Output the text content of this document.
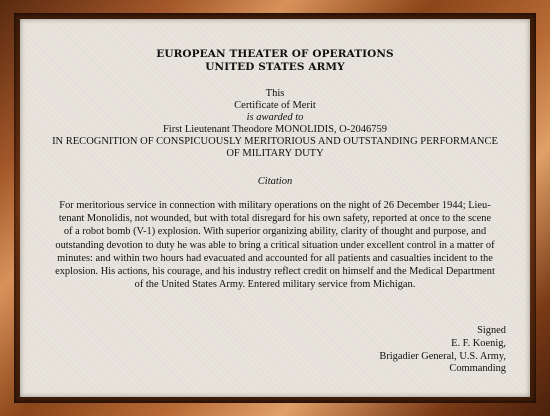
EUROPEAN THEATER OF OPERATIONS
UNITED STATES ARMY
This
Certificate of Merit
is awarded to
First Lieutenant Theodore MONOLIDIS, O-2046759
IN RECOGNITION OF CONSPICUOUSLY MERITORIOUS AND OUTSTANDING PERFORMANCE
OF MILITARY DUTY
Citation
For meritorious service in connection with military operations on the night of 26 December 1944; Lieu-
tenant Monolidis, not wounded, but with total disregard for his own safety, reported at once to the scene
of a robot bomb (V-1) explosion. With superior organizing ability, clarity of thought and purpose, and
outstanding devotion to duty he was able to bring a critical situation under excellent control in a matter of
minutes: and within two hours had evacuated and accounted for all patients and casualties incident to the
explosion. His actions, his courage, and his industry reflect credit on himself and the Medical Department
of the United States Army. Entered military service from Michigan.
Signed
E. F. Koenig,
Brigadier General, U.S. Army,
Commanding
